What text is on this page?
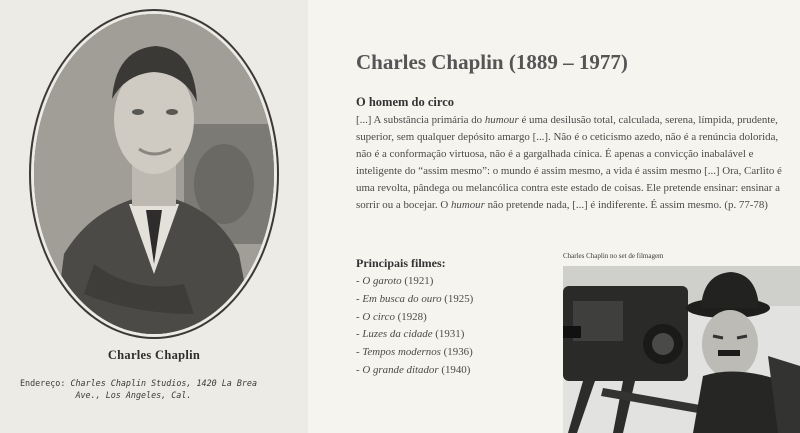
Charles Chaplin
Endereço: Charles Chaplin Studios, 1420 La Brea
Ave., Los Angeles, Cal.
Charles Chaplin (1889 – 1977)
O homem do circo

[...] A substância primária do humour é uma desilusão total, calculada, serena, límpida, prudente, superior, sem qualquer depósito amargo [...]. Não é o ceticismo azedo, não é a renúncia dolorida, não é a conformação virtuosa, não é a gargalhada cínica. É apenas a convicção inabalável e inteligente do “assim mesmo”: o mundo é assim mesmo, a vida é assim mesmo [...] Ora, Carlito é uma revolta, pândega ou melancólica contra este estado de coisas. Ele pretende ensinar: ensinar a sorrir ou a bocejar. O humour não pretende nada, [...] é indiferente. É assim mesmo. (p. 77-78)

Principais filmes:
- O garoto (1921)
- Em busca do ouro (1925)
- O circo (1928)
- Luzes da cidade (1931)
- Tempos modernos (1936)
- O grande ditador (1940)
Charles Chaplin no set de filmagem
